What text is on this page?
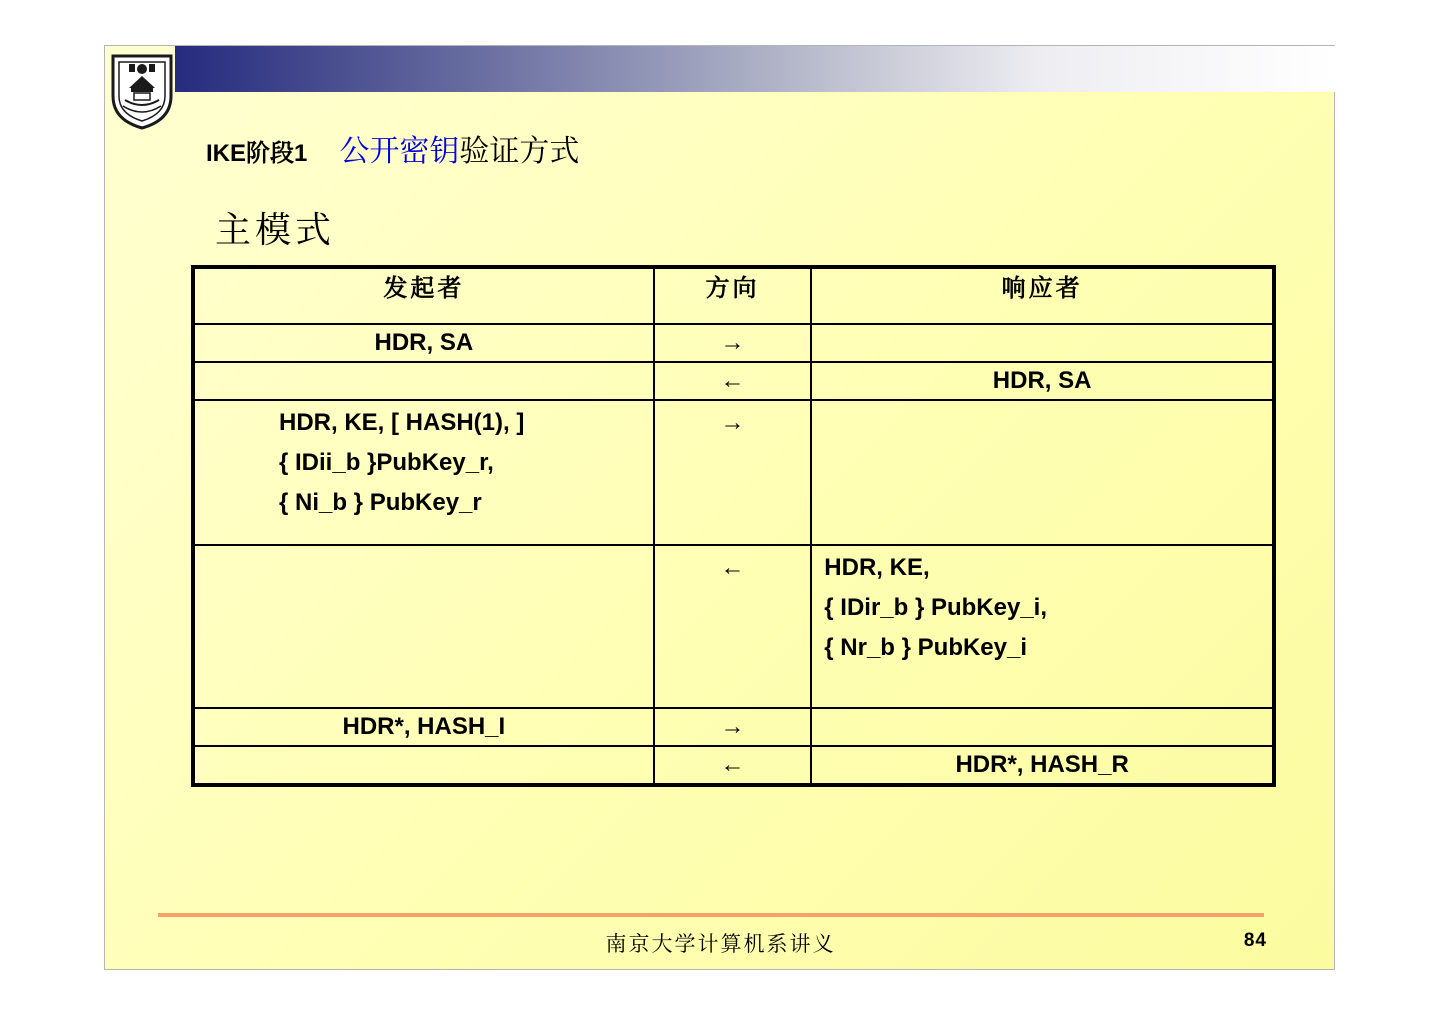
IKE阶段1 公开密钥 验证方式
主模式
发起者	方向	响应者
HDR, SA	→	
	←	HDR, SA

HDR, KE, [ HASH(1), ]
{ IDii_b }PubKey_r,
{ Ni_b } PubKey_r	→	
	←	HDR, KE,
{ IDir_b } PubKey_i,
{ Nr_b } PubKey_i

HDR*, HASH_I	→	
	←	HDR*, HASH_R
南京大学计算机系讲义	84
